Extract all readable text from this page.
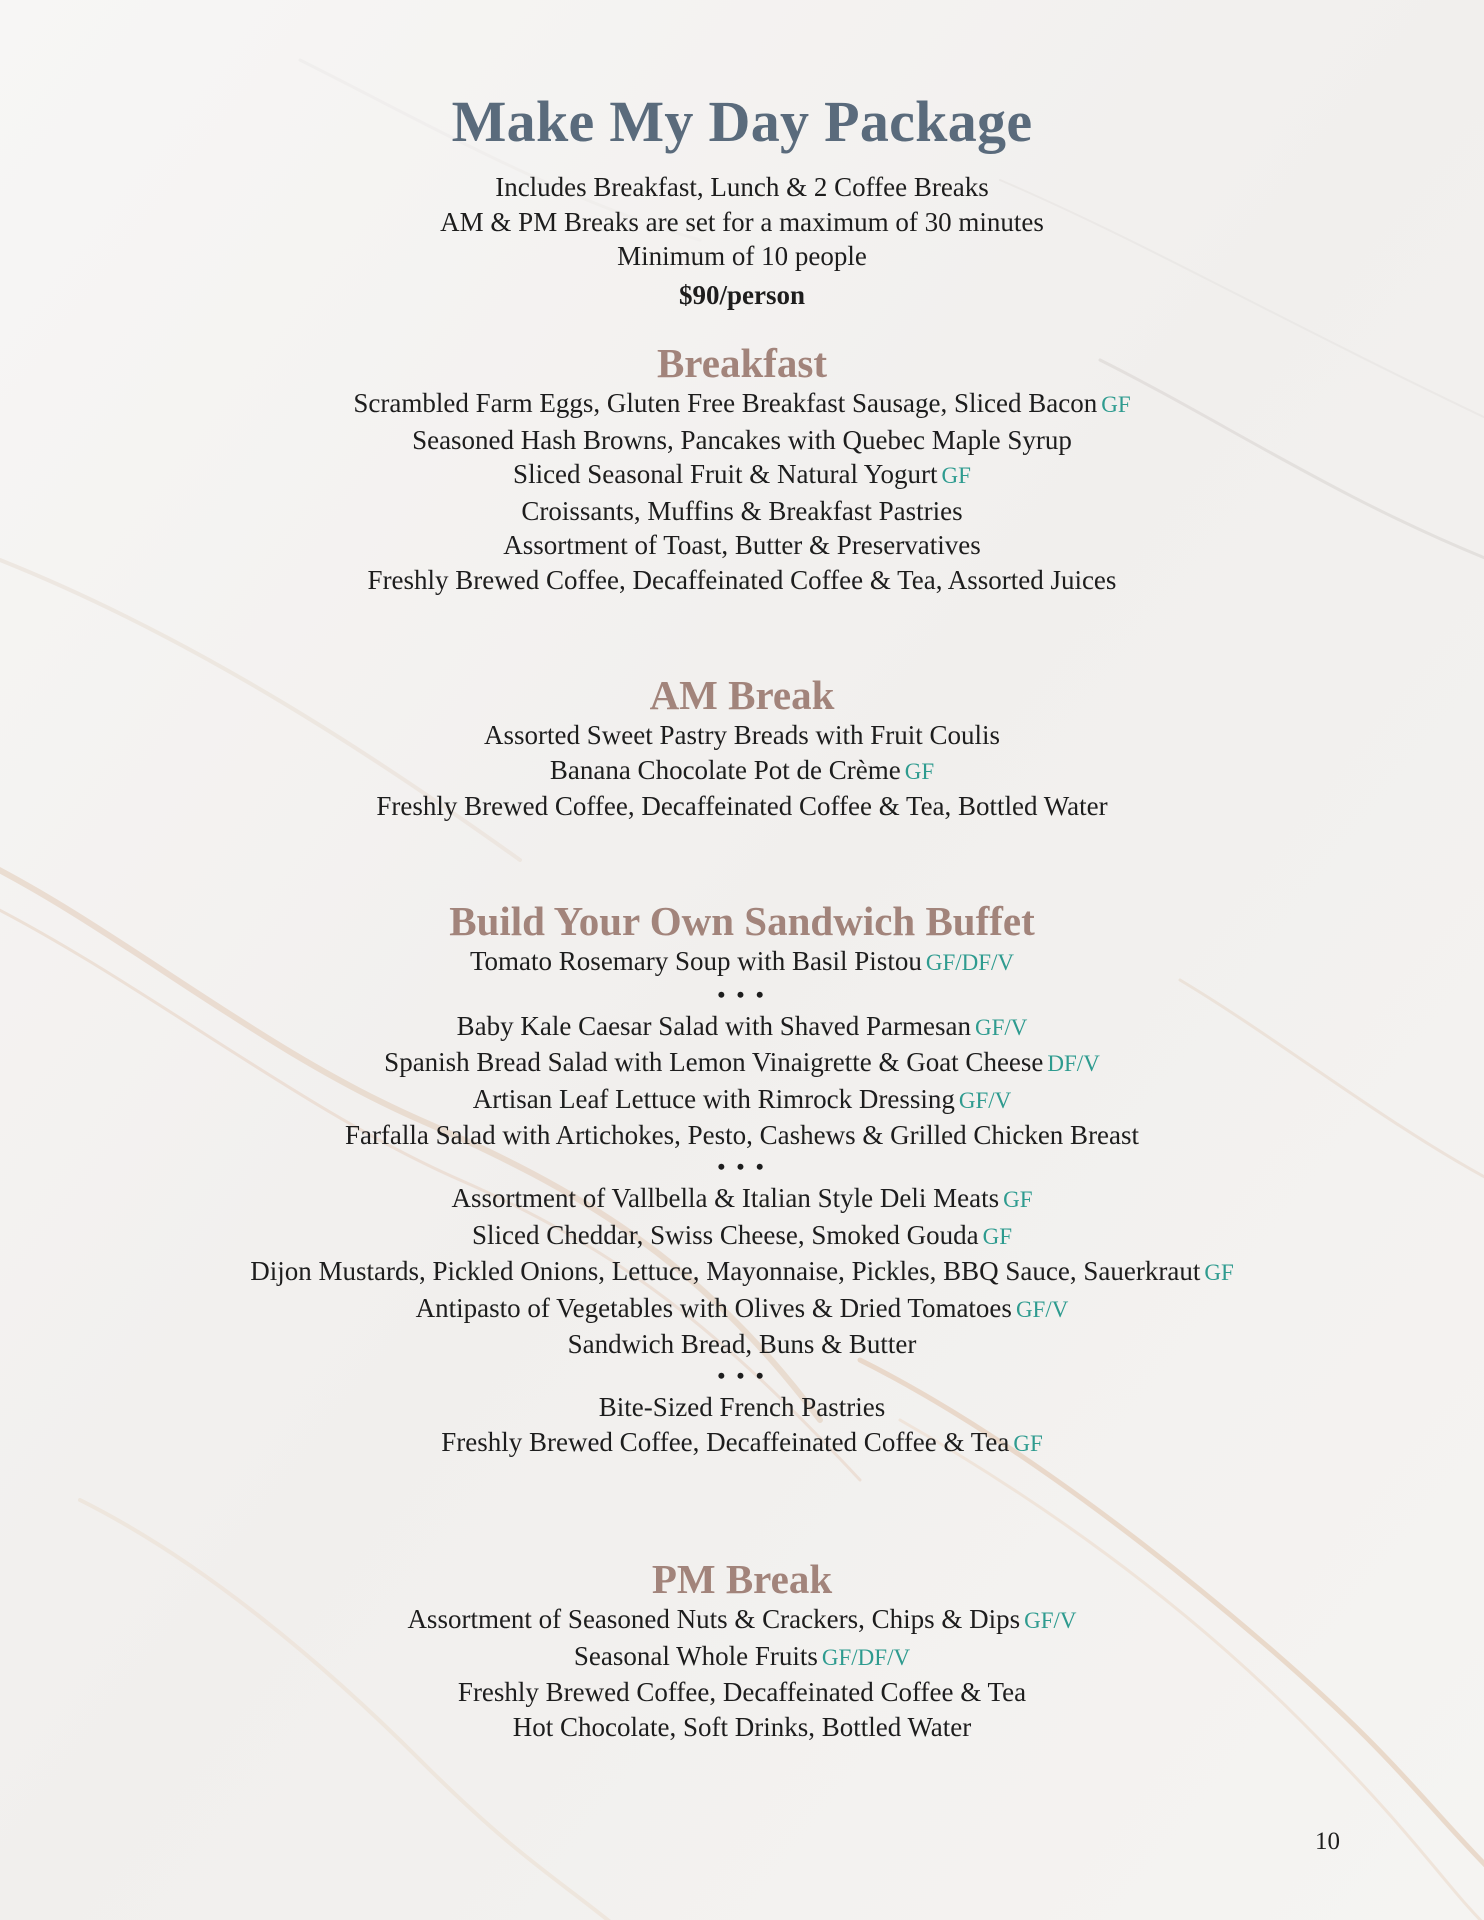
Make My Day Package
Includes Breakfast, Lunch & 2 Coffee Breaks
AM & PM Breaks are set for a maximum of 30 minutes
Minimum of 10 people
$90/person
Breakfast
Scrambled Farm Eggs, Gluten Free Breakfast Sausage, Sliced Bacon GF
Seasoned Hash Browns, Pancakes with Quebec Maple Syrup
Sliced Seasonal Fruit & Natural Yogurt GF
Croissants, Muffins & Breakfast Pastries
Assortment of Toast, Butter & Preservatives
Freshly Brewed Coffee, Decaffeinated Coffee & Tea, Assorted Juices
AM Break
Assorted Sweet Pastry Breads with Fruit Coulis
Banana Chocolate Pot de Crème GF
Freshly Brewed Coffee, Decaffeinated Coffee & Tea, Bottled Water
Build Your Own Sandwich Buffet
Tomato Rosemary Soup with Basil Pistou GF/DF/V
• • •
Baby Kale Caesar Salad with Shaved Parmesan GF/V
Spanish Bread Salad with Lemon Vinaigrette & Goat Cheese DF/V
Artisan Leaf Lettuce with Rimrock Dressing GF/V
Farfalla Salad with Artichokes, Pesto, Cashews & Grilled Chicken Breast
• • •
Assortment of Vallbella & Italian Style Deli Meats GF
Sliced Cheddar, Swiss Cheese, Smoked Gouda GF
Dijon Mustards, Pickled Onions, Lettuce, Mayonnaise, Pickles, BBQ Sauce, Sauerkraut GF
Antipasto of Vegetables with Olives & Dried Tomatoes GF/V
Sandwich Bread, Buns & Butter
• • •
Bite-Sized French Pastries
Freshly Brewed Coffee, Decaffeinated Coffee & Tea GF
PM Break
Assortment of Seasoned Nuts & Crackers, Chips & Dips GF/V
Seasonal Whole Fruits GF/DF/V
Freshly Brewed Coffee, Decaffeinated Coffee & Tea
Hot Chocolate, Soft Drinks, Bottled Water
10
